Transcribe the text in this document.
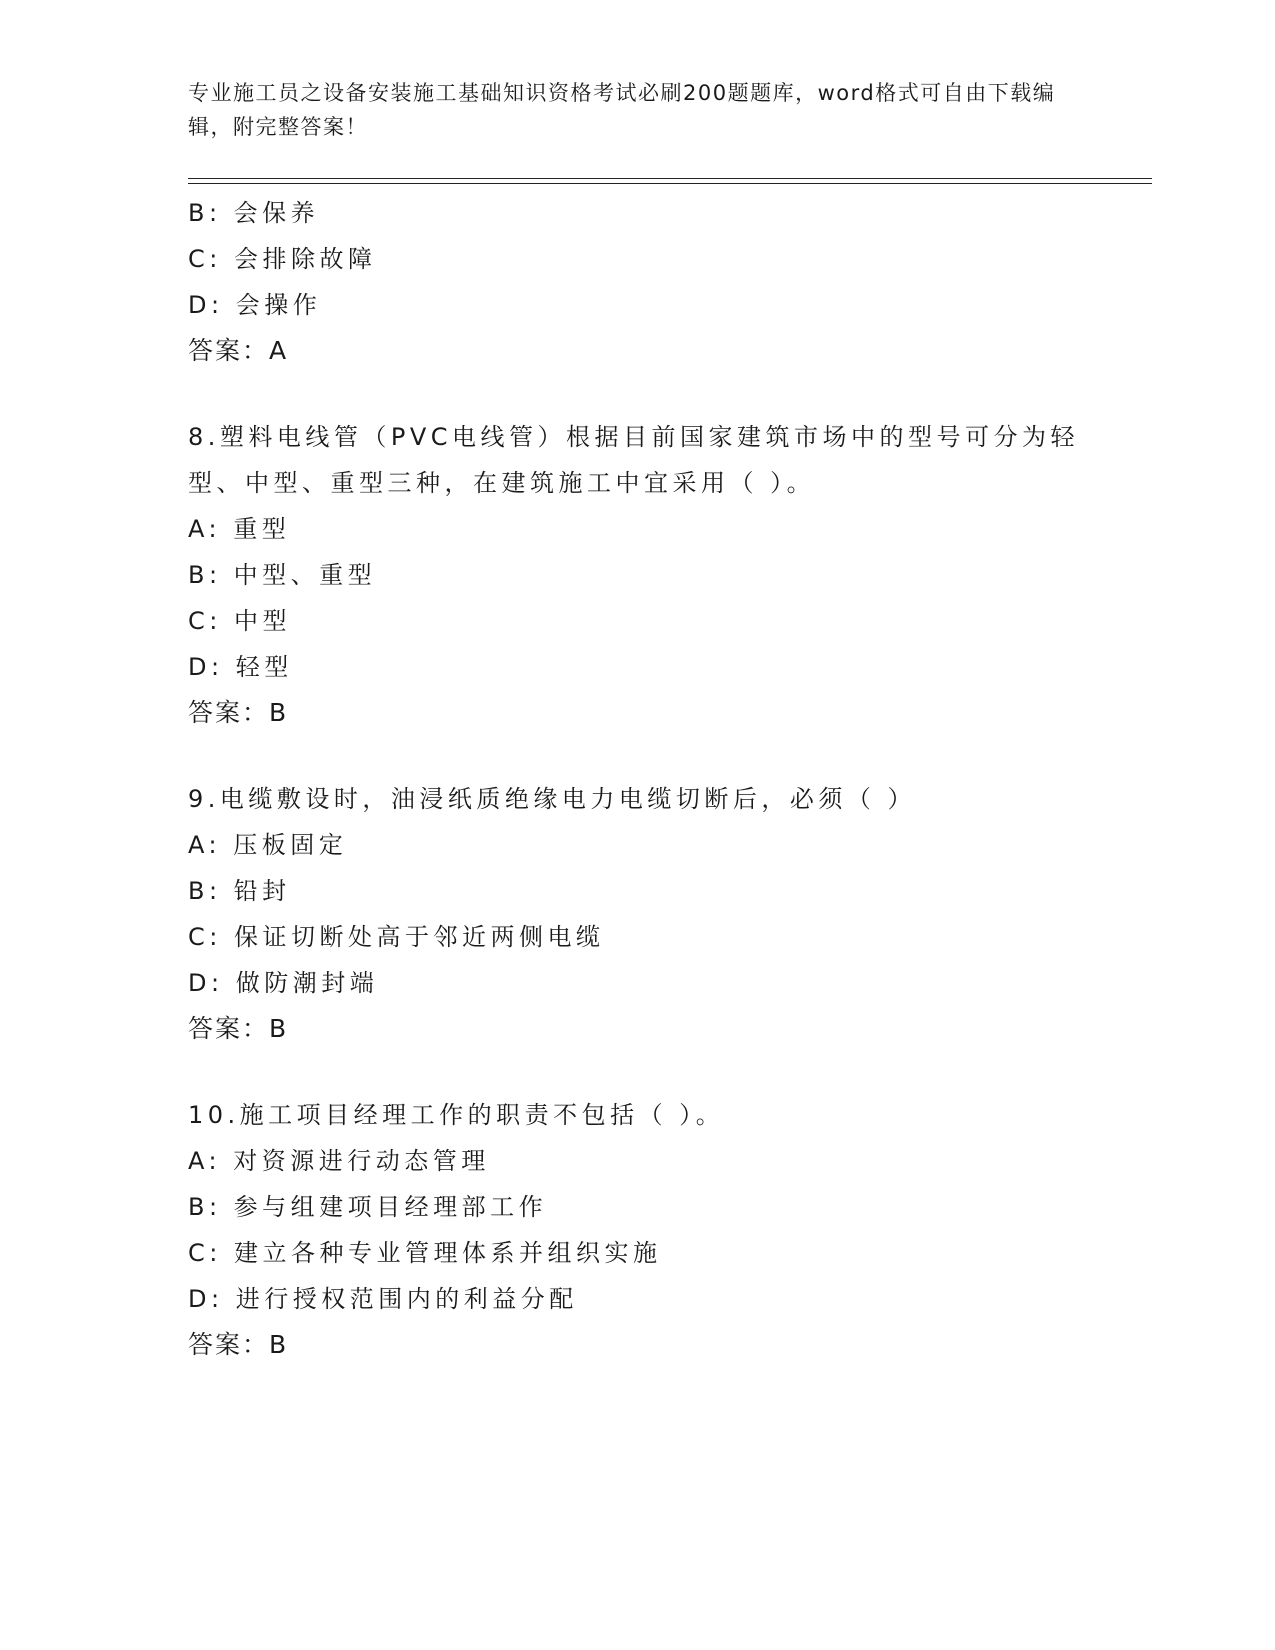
专业施工员之设备安装施工基础知识资格考试必刷200题题库，word格式可自由下载编辑，附完整答案！
B: 会保养
C: 会排除故障
D: 会操作
答案：A
8.塑料电线管（PVC电线管）根据目前国家建筑市场中的型号可分为轻
型、中型、重型三种，在建筑施工中宜采用（ ）。
A: 重型
B: 中型、重型
C: 中型
D: 轻型
答案：B
9.电缆敷设时，油浸纸质绝缘电力电缆切断后，必须（ ）
A: 压板固定
B: 铅封
C: 保证切断处高于邻近两侧电缆
D: 做防潮封端
答案：B
10.施工项目经理工作的职责不包括（ ）。
A: 对资源进行动态管理
B: 参与组建项目经理部工作
C: 建立各种专业管理体系并组织实施
D: 进行授权范围内的利益分配
答案：B
